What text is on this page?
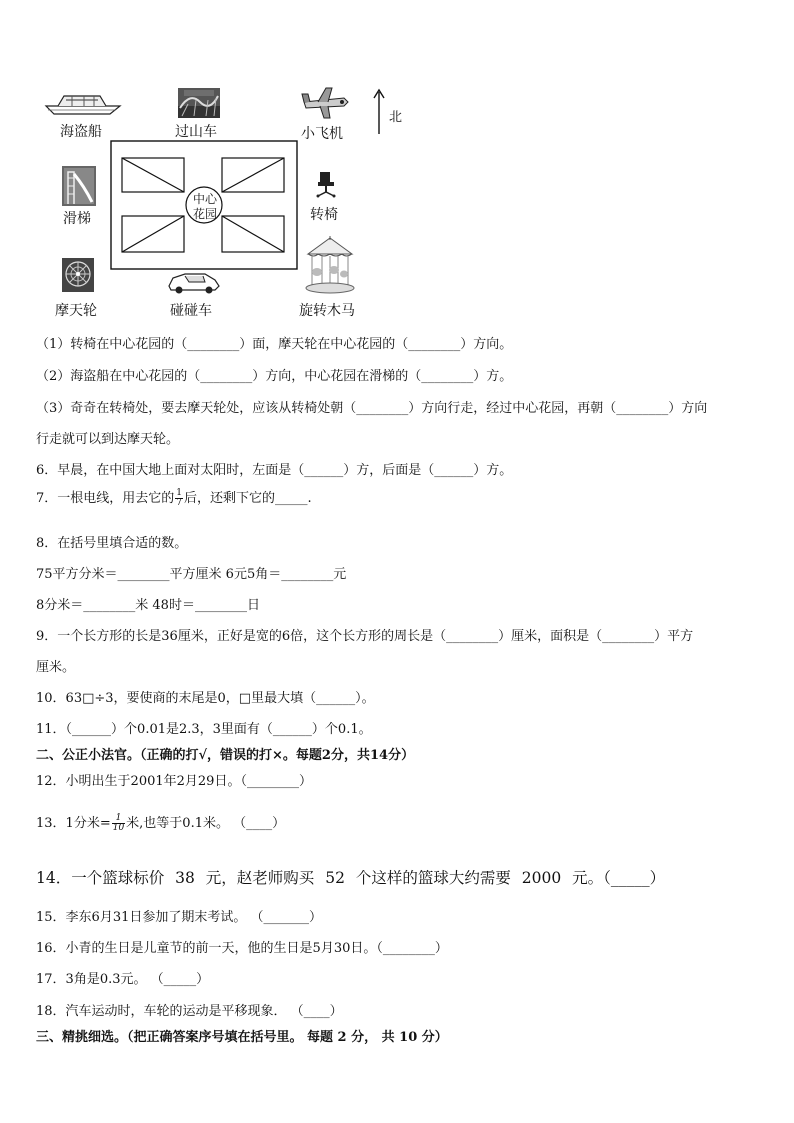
海盗船	过山车	小飞机
北
滑梯
中心
花园	转椅
摩天轮	碰碰车	旋转木马
（1）转椅在中心花园的（________）面，摩天轮在中心花园的（________）方向。
（2）海盗船在中心花园的（________）方向，中心花园在滑梯的（________）方。
（3）奇奇在转椅处，要去摩天轮处，应该从转椅处朝（________）方向行走，经过中心花园，再朝（________）方向
行走就可以到达摩天轮。
6．早晨，在中国大地上面对太阳时，左面是（______）方，后面是（______）方。
7．一根电线，用去它的 $\frac{1}{7}$ 后，还剩下它的_____.
8．在括号里填合适的数。
75平方分米＝________平方厘米 6元5角＝________元
8分米＝________米 48时＝________日
9．一个长方形的长是36厘米，正好是宽的6倍，这个长方形的周长是（________）厘米，面积是（________）平方
厘米。
10．63□÷3，要使商的末尾是0，□里最大填（______）。
11．（______）个0.01是2.3，3里面有（______）个0.1。
二、公正小法官。（正确的打√，错误的打×。每题2分，共14分）
12．小明出生于2001年2月29日。（________）
13．1分米= $\frac{1}{10}$ 米,也等于0.1米。 （____）
14．一个篮球标价 38 元，赵老师购买 52 个这样的篮球大约需要 2000 元。（_____）
15．李东6月31日参加了期末考试。 （_______）
16．小青的生日是儿童节的前一天，他的生日是5月30日。（________）
17．3角是0.3元。 （_____）
18．汽车运动时，车轮的运动是平移现象． （____）
三、精挑细选。（把正确答案序号填在括号里。 每题 2 分， 共 10 分）
